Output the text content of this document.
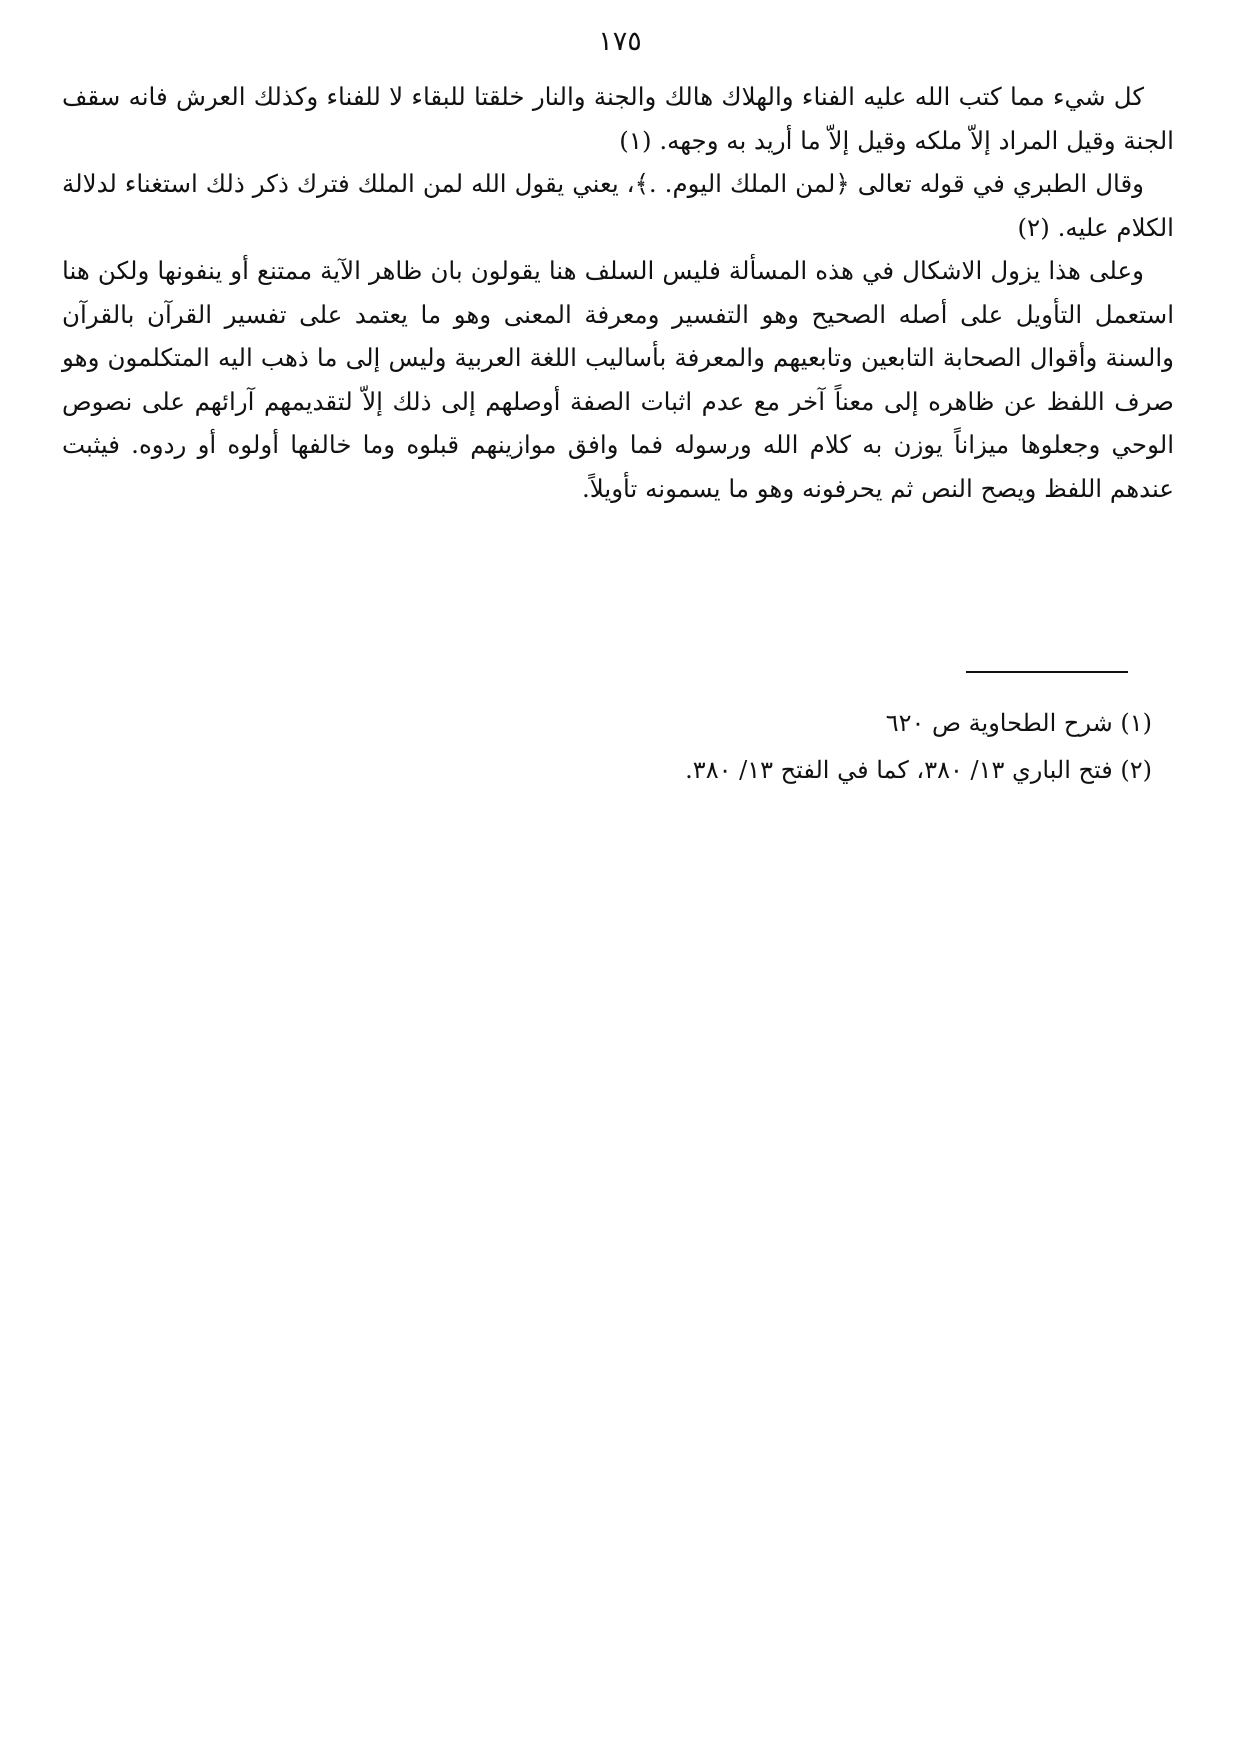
١٧٥

كل شيء مما كتب الله عليه الفناء والهلاك هالك والجنة والنار خلقتا للبقاء لا للفناء وكذلك العرش فانه سقف الجنة وقيل المراد إلاّ ملكه وقيل إلاّ ما أريد به وجهه. (١)

وقال الطبري في قوله تعالى ﴿لمن الملك اليوم. .﴾، يعني يقول الله لمن الملك فترك ذكر ذلك استغناء لدلالة الكلام عليه. (٢)

وعلى هذا يزول الاشكال في هذه المسألة فليس السلف هنا يقولون بان ظاهر الآية ممتنع أو ينفونها ولكن هنا استعمل التأويل على أصله الصحيح وهو التفسير ومعرفة المعنى وهو ما يعتمد على تفسير القرآن بالقرآن والسنة وأقوال الصحابة التابعين وتابعيهم والمعرفة بأساليب اللغة العربية وليس إلى ما ذهب اليه المتكلمون وهو صرف اللفظ عن ظاهره إلى معناً آخر مع عدم اثبات الصفة أوصلهم إلى ذلك إلاّ لتقديمهم آرائهم على نصوص الوحي وجعلوها ميزاناً يوزن به كلام الله ورسوله فما وافق موازينهم قبلوه وما خالفها أولوه أو ردوه. فيثبت عندهم اللفظ ويصح النص ثم يحرفونه وهو ما يسمونه تأويلاً.

(١) شرح الطحاوية ص ٦٢٠

(٢) فتح الباري ١٣/ ٣٨٠، كما في الفتح ١٣/ ٣٨٠.
